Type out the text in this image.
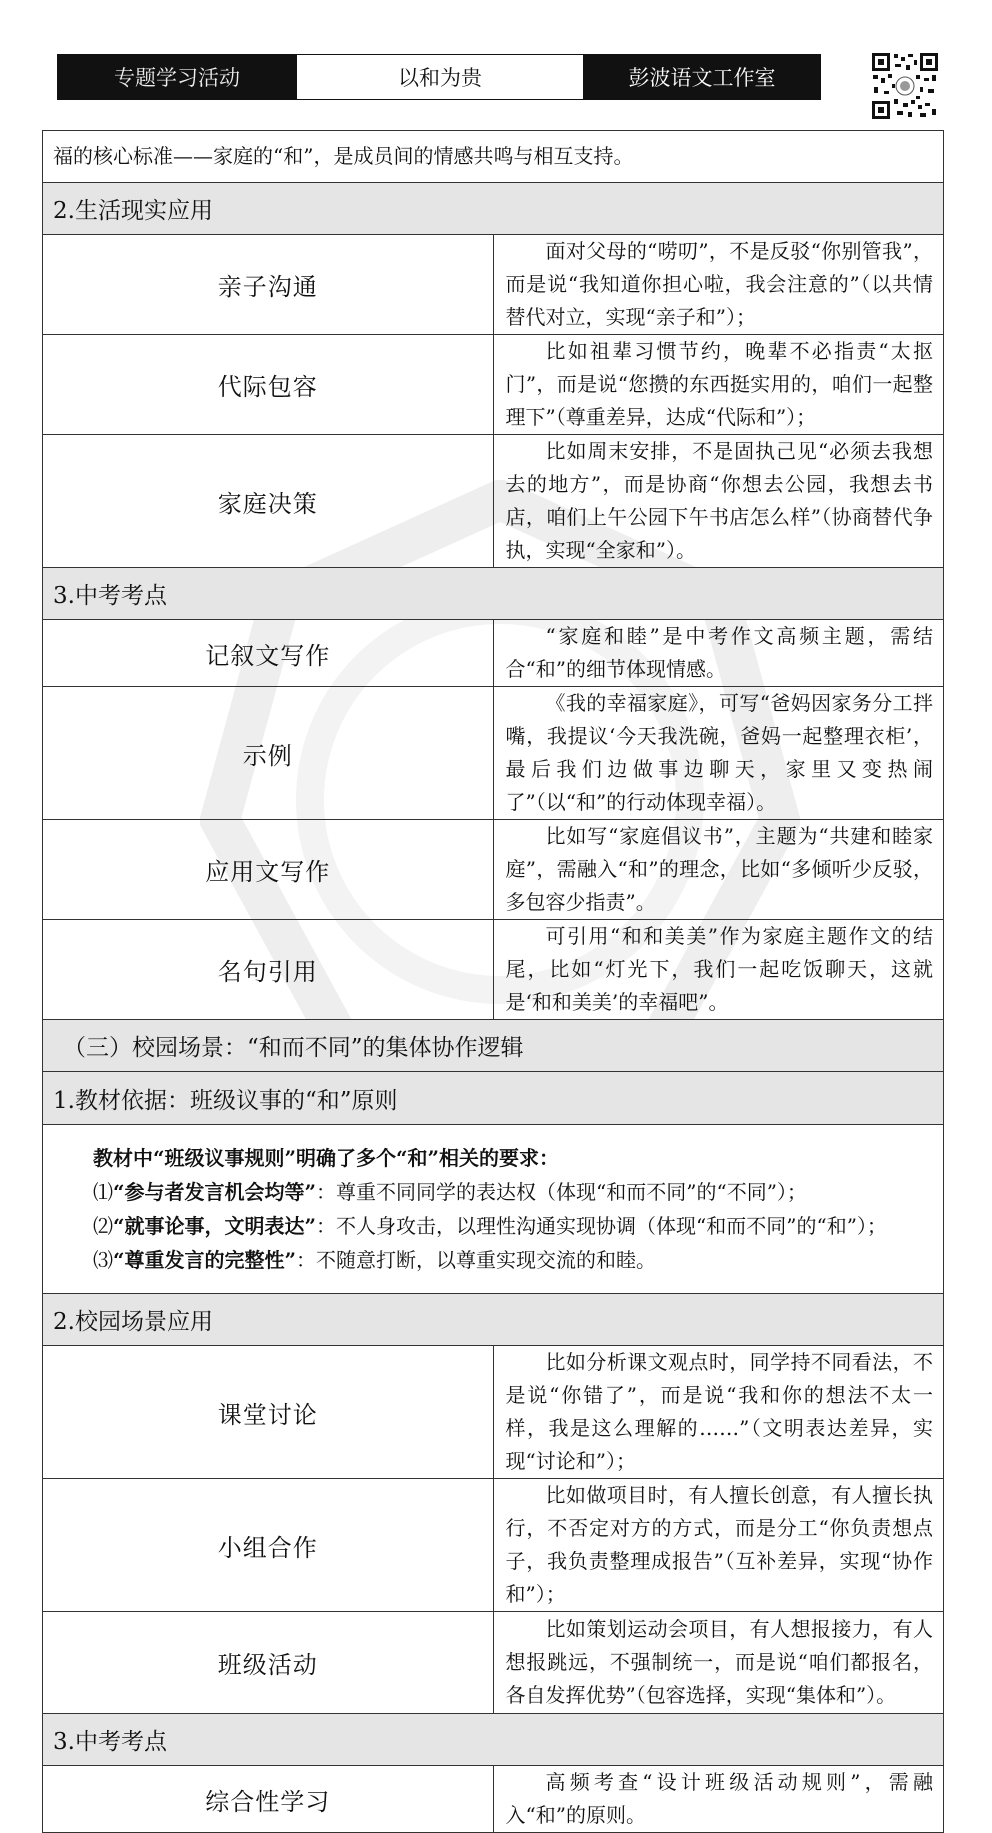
专题学习活动	以和为贵	彭波语文工作室
福的核心标准——家庭的“和”，是成员间的情感共鸣与相互支持。	
2.生活现实应用	
亲子沟通	面对父母的“唠叨”，不是反驳“你别管我”，而是说“我知道你担心啦，我会注意的”（以共情替代对立，实现“亲子和”）；
代际包容	比如祖辈习惯节约，晚辈不必指责“太抠门”，而是说“您攒的东西挺实用的，咱们一起整理下”（尊重差异，达成“代际和”）；
家庭决策	比如周末安排，不是固执己见“必须去我想去的地方”，而是协商“你想去公园，我想去书店，咱们上午公园下午书店怎么样”（协商替代争执，实现“全家和”）。
3.中考考点	
记叙文写作	“家庭和睦”是中考作文高频主题，需结合“和”的细节体现情感。
示例	《我的幸福家庭》，可写“爸妈因家务分工拌嘴，我提议‘今天我洗碗，爸妈一起整理衣柜’，最后我们边做事边聊天，家里又变热闹了”（以“和”的行动体现幸福）。
应用文写作	比如写“家庭倡议书”，主题为“共建和睦家庭”，需融入“和”的理念，比如“多倾听少反驳，多包容少指责”。
名句引用	可引用“和和美美”作为家庭主题作文的结尾，比如“灯光下，我们一起吃饭聊天，这就是‘和和美美’的幸福吧”。
（三）校园场景：“和而不同”的集体协作逻辑	
1.教材依据：班级议事的“和”原则	

教材中“班级议事规则”明确了多个“和”相关的要求：

⑴“参与者发言机会均等”：尊重不同同学的表达权（体现“和而不同”的“不同”）；

⑵“就事论事，文明表达”：不人身攻击，以理性沟通实现协调（体现“和而不同”的“和”）；

⑶“尊重发言的完整性”：不随意打断，以尊重实现交流的和睦。	

2.校园场景应用	
课堂讨论	比如分析课文观点时，同学持不同看法，不是说“你错了”，而是说“我和你的想法不太一样，我是这么理解的……”（文明表达差异，实现“讨论和”）；
小组合作	比如做项目时，有人擅长创意，有人擅长执行，不否定对方的方式，而是分工“你负责想点子，我负责整理成报告”（互补差异，实现“协作和”）；
班级活动	比如策划运动会项目，有人想报接力，有人想报跳远，不强制统一，而是说“咱们都报名，各自发挥优势”（包容选择，实现“集体和”）。
3.中考考点	
综合性学习	高频考查“设计班级活动规则”，需融入“和”的原则。
